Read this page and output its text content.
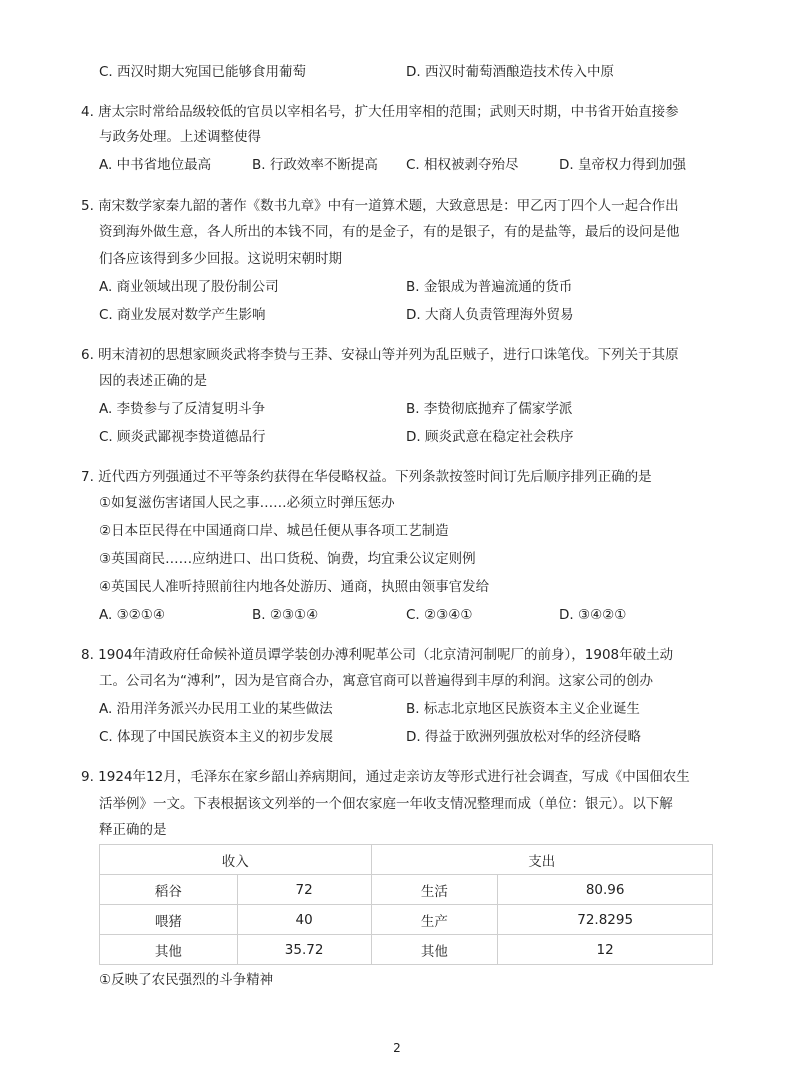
C. 西汉时期大宛国已能够食用葡萄	D. 西汉时葡萄酒酿造技术传入中原
4. 唐太宗时常给品级较低的官员以宰相名号，扩大任用宰相的范围；武则天时期，中书省开始直接参
与政务处理。上述调整使得
A. 中书省地位最高	B. 行政效率不断提高 C. 相权被剥夺殆尽	D. 皇帝权力得到加强
5. 南宋数学家秦九韶的著作《数书九章》中有一道算术题，大致意思是：甲乙丙丁四个人一起合作出
资到海外做生意，各人所出的本钱不同，有的是金子，有的是银子，有的是盐等，最后的设问是他
们各应该得到多少回报。这说明宋朝时期
A. 商业领域出现了股份制公司	B. 金银成为普遍流通的货币
C. 商业发展对数学产生影响	D. 大商人负责管理海外贸易
6. 明末清初的思想家顾炎武将李贽与王莽、安禄山等并列为乱臣贼子，进行口诛笔伐。下列关于其原
因的表述正确的是
A. 李贽参与了反清复明斗争	B. 李贽彻底抛弃了儒家学派
C. 顾炎武鄙视李贽道德品行	D. 顾炎武意在稳定社会秩序
7. 近代西方列强通过不平等条约获得在华侵略权益。下列条款按签时间订先后顺序排列正确的是
①如复滋伤害诸国人民之事……必须立时弹压惩办
②日本臣民得在中国通商口岸、城邑任便从事各项工艺制造
③英国商民……应纳进口、出口货税、饷费，均宜秉公议定则例
④英国民人准听持照前往内地各处游历、通商，执照由领事官发给
A. ③②①④	B. ②③①④	C. ②③④①	D. ③④②①
8. 1904年清政府任命候补道员谭学装创办溥利呢革公司（北京清河制呢厂的前身），1908年破土动
工。公司名为“溥利”，因为是官商合办，寓意官商可以普遍得到丰厚的利润。这家公司的创办
A. 沿用洋务派兴办民用工业的某些做法	B. 标志北京地区民族资本主义企业诞生
C. 体现了中国民族资本主义的初步发展	D. 得益于欧洲列强放松对华的经济侵略
9. 1924年12月，毛泽东在家乡韶山养病期间，通过走亲访友等形式进行社会调查，写成《中国佃农生
活举例》一文。下表根据该文列举的一个佃农家庭一年收支情况整理而成（单位：银元）。以下解
释正确的是
收入		支出	
稻谷	72	生活	80.96
喂猪	40	生产	72.8295
其他	35.72	其他	12
①反映了农民强烈的斗争精神
2
